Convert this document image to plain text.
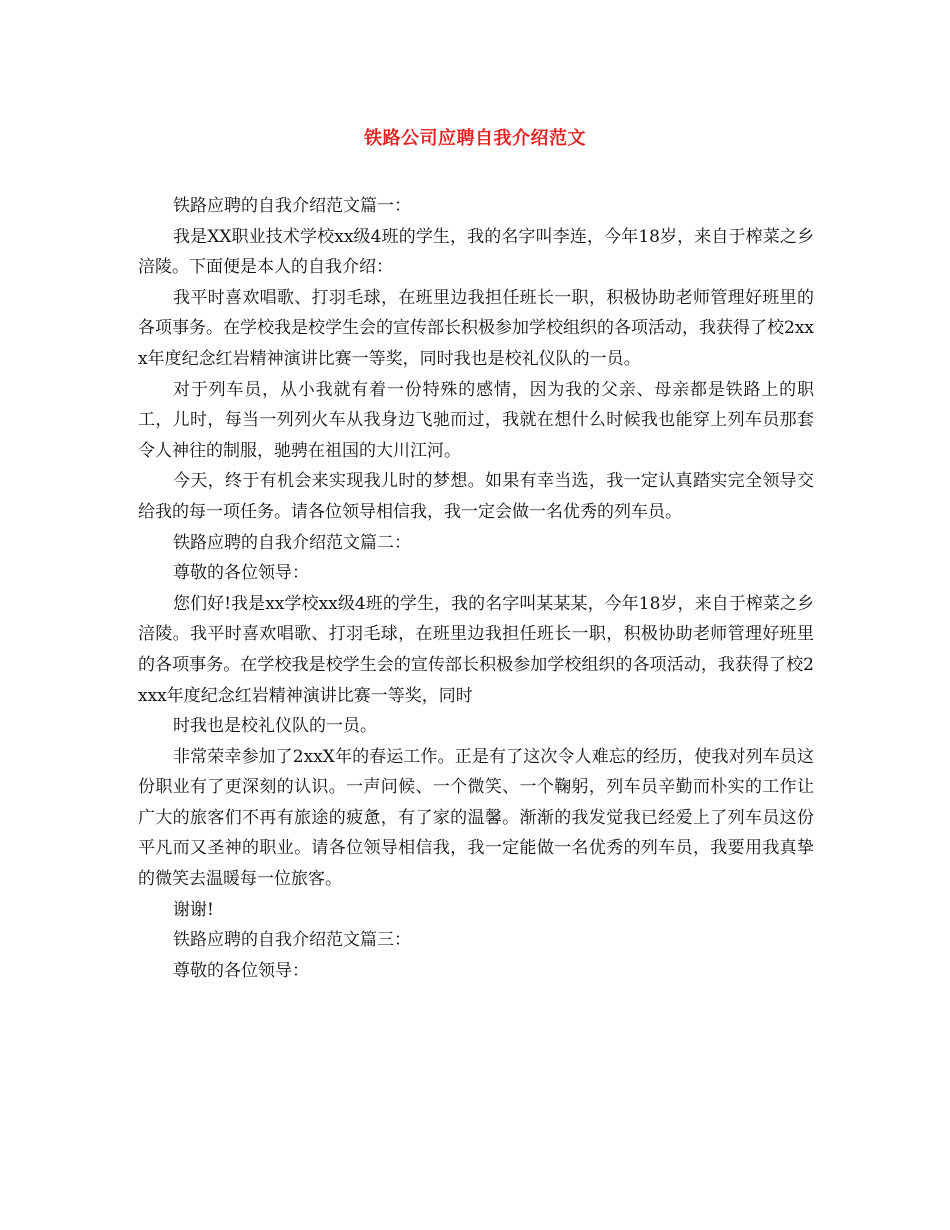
铁路公司应聘自我介绍范文

铁路应聘的自我介绍范文篇一：

我是XX职业技术学校xx级4班的学生，我的名字叫李连，今年18岁，来自于榨菜之乡涪陵。下面便是本人的自我介绍：

我平时喜欢唱歌、打羽毛球，在班里边我担任班长一职，积极协助老师管理好班里的各项事务。在学校我是校学生会的宣传部长积极参加学校组织的各项活动，我获得了校2xxx年度纪念红岩精神演讲比赛一等奖，同时我也是校礼仪队的一员。

对于列车员，从小我就有着一份特殊的感情，因为我的父亲、母亲都是铁路上的职工，儿时，每当一列列火车从我身边飞驰而过，我就在想什么时候我也能穿上列车员那套令人神往的制服，驰骋在祖国的大川江河。

今天，终于有机会来实现我儿时的梦想。如果有幸当选，我一定认真踏实完全领导交给我的每一项任务。请各位领导相信我，我一定会做一名优秀的列车员。

铁路应聘的自我介绍范文篇二：

尊敬的各位领导：

您们好!我是xx学校xx级4班的学生，我的名字叫某某某，今年18岁，来自于榨菜之乡涪陵。我平时喜欢唱歌、打羽毛球，在班里边我担任班长一职，积极协助老师管理好班里的各项事务。在学校我是校学生会的宣传部长积极参加学校组织的各项活动，我获得了校2xxx年度纪念红岩精神演讲比赛一等奖，同时

时我也是校礼仪队的一员。

非常荣幸参加了2xxX年的春运工作。正是有了这次令人难忘的经历，使我对列车员这份职业有了更深刻的认识。一声问候、一个微笑、一个鞠躬，列车员辛勤而朴实的工作让广大的旅客们不再有旅途的疲惫，有了家的温馨。渐渐的我发觉我已经爱上了列车员这份平凡而又圣神的职业。请各位领导相信我，我一定能做一名优秀的列车员，我要用我真挚的微笑去温暖每一位旅客。

谢谢!

铁路应聘的自我介绍范文篇三：

尊敬的各位领导：
